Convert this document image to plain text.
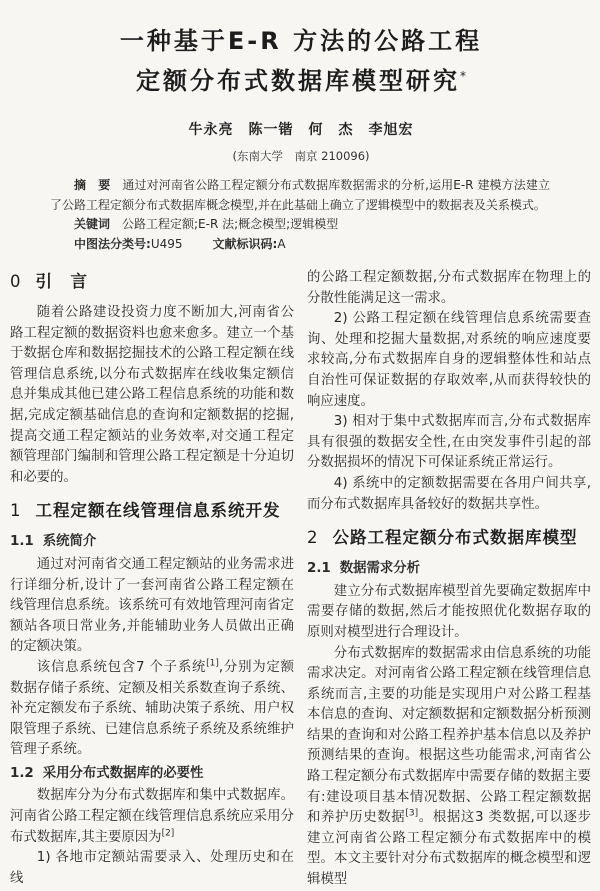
一种基于E-R 方法的公路工程
定额分布式数据库模型研究*
牛永亮　陈一锴　何　杰　李旭宏
(东南大学　南京 210096)

摘　要　通过对河南省公路工程定额分布式数据库数据需求的分析,运用E-R 建模方法建立了公路工程定额分布式数据库概念模型,并在此基础上确立了逻辑模型中的数据表及关系模式。

关键词　公路工程定额;E-R 法;概念模型;逻辑模型

中图法分类号:U495	文献标识码:A

0 引　言

随着公路建设投资力度不断加大,河南省公路工程定额的数据资料也愈来愈多。建立一个基于数据仓库和数据挖掘技术的公路工程定额在线管理信息系统,以分布式数据库在线收集定额信息并集成其他已建公路工程信息系统的功能和数据,完成定额基础信息的查询和定额数据的挖掘,提高交通工程定额站的业务效率,对交通工程定额管理部门编制和管理公路工程定额是十分迫切和必要的。

1 工程定额在线管理信息系统开发
1.1 系统简介

通过对河南省交通工程定额站的业务需求进行详细分析,设计了一套河南省公路工程定额在线管理信息系统。该系统可有效地管理河南省定额站各项日常业务,并能辅助业务人员做出正确的定额决策。

该信息系统包含7 个子系统[1],分别为定额数据存储子系统、定额及相关系数查询子系统、补充定额发布子系统、辅助决策子系统、用户权限管理子系统、已建信息系统子系统及系统维护管理子系统。

1.2 采用分布式数据库的必要性

数据库分为分布式数据库和集中式数据库。河南省公路工程定额在线管理信息系统应采用分布式数据库,其主要原因为[2]

1) 各地市定额站需要录入、处理历史和在线

的公路工程定额数据,分布式数据库在物理上的分散性能满足这一需求。

2) 公路工程定额在线管理信息系统需要查询、处理和挖掘大量数据,对系统的响应速度要求较高,分布式数据库自身的逻辑整体性和站点自治性可保证数据的存取效率,从而获得较快的响应速度。

3) 相对于集中式数据库而言,分布式数据库具有很强的数据安全性,在由突发事件引起的部分数据损坏的情况下可保证系统正常运行。

4) 系统中的定额数据需要在各用户间共享,而分布式数据库具备较好的数据共享性。

2 公路工程定额分布式数据库模型
2.1 数据需求分析

建立分布式数据库模型首先要确定数据库中需要存储的数据,然后才能按照优化数据存取的原则对模型进行合理设计。

分布式数据库的数据需求由信息系统的功能需求决定。对河南省公路工程定额在线管理信息系统而言,主要的功能是实现用户对公路工程基本信息的查询、对定额数据和定额数据分析预测结果的查询和对公路工程养护基本信息以及养护预测结果的查询。根据这些功能需求,河南省公路工程定额分布式数据库中需要存储的数据主要有:建设项目基本情况数据、公路工程定额数据和养护历史数据[3]。根据这3 类数据,可以逐步建立河南省公路工程定额分布式数据库中的模型。本文主要针对分布式数据库的概念模型和逻辑模型
